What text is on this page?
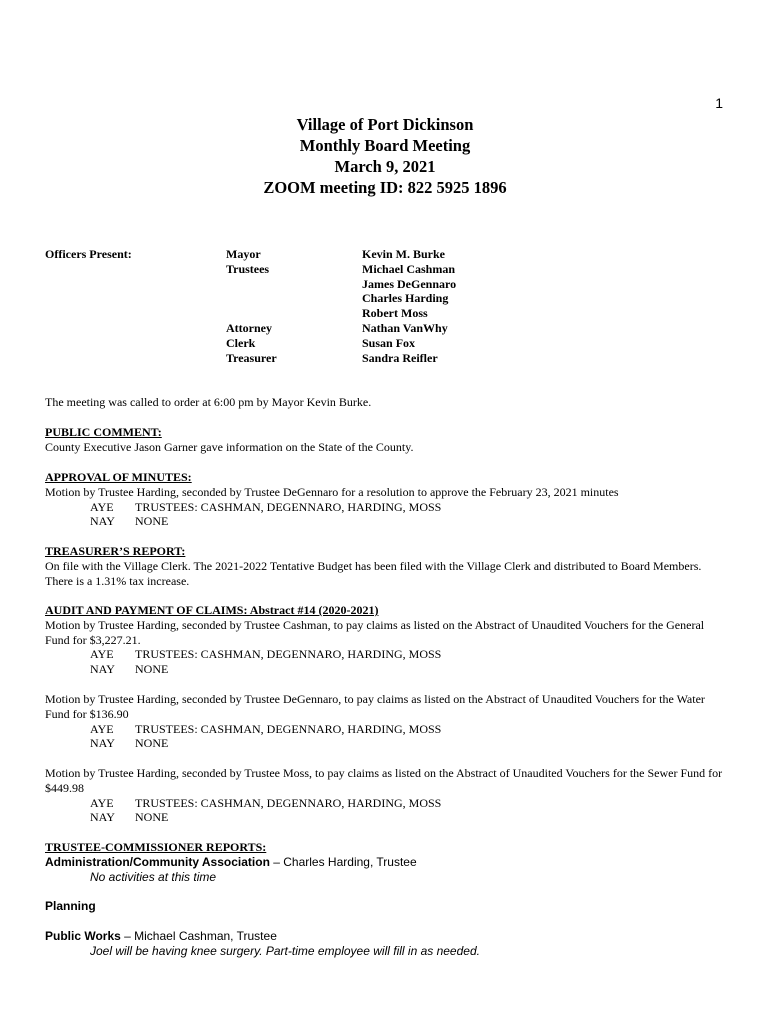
1
Village of Port Dickinson
Monthly Board Meeting
March 9, 2021
ZOOM meeting ID: 822 5925 1896
Officers Present:	Mayor
Trustees
Attorney
Clerk
Treasurer
Kevin M. Burke
Michael Cashman
James DeGennaro
Charles Harding
Robert Moss
Nathan VanWhy
Susan Fox
Sandra Reifler

The meeting was called to order at 6:00 pm by Mayor Kevin Burke.

PUBLIC COMMENT:

County Executive Jason Garner gave information on the State of the County.

APPROVAL OF MINUTES:

Motion by Trustee Harding, seconded by Trustee DeGennaro for a resolution to approve the February 23, 2021 minutes

AYE TRUSTEES: CASHMAN, DEGENNARO, HARDING, MOSS

NAY NONE

TREASURER’S REPORT:

On file with the Village Clerk. The 2021-2022 Tentative Budget has been filed with the Village Clerk and distributed to Board Members. There is a 1.31% tax increase.

AUDIT AND PAYMENT OF CLAIMS: Abstract #14 (2020-2021)

Motion by Trustee Harding, seconded by Trustee Cashman, to pay claims as listed on the Abstract of Unaudited Vouchers for the General Fund for $3,227.21.

AYE TRUSTEES: CASHMAN, DEGENNARO, HARDING, MOSS

NAY NONE

Motion by Trustee Harding, seconded by Trustee DeGennaro, to pay claims as listed on the Abstract of Unaudited Vouchers for the Water Fund for $136.90

AYE TRUSTEES: CASHMAN, DEGENNARO, HARDING, MOSS

NAY NONE

Motion by Trustee Harding, seconded by Trustee Moss, to pay claims as listed on the Abstract of Unaudited Vouchers for the Sewer Fund for $449.98

AYE TRUSTEES: CASHMAN, DEGENNARO, HARDING, MOSS

NAY NONE

TRUSTEE-COMMISSIONER REPORTS:

Administration/Community Association – Charles Harding, Trustee

No activities at this time

Planning

Public Works – Michael Cashman, Trustee

Joel will be having knee surgery. Part-time employee will fill in as needed.
